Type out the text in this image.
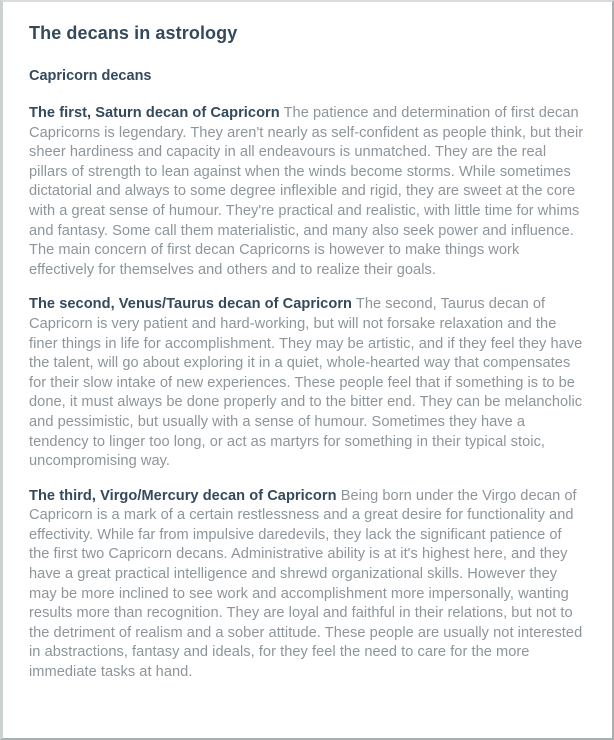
The decans in astrology
Capricorn decans

The first, Saturn decan of Capricorn The patience and determination of first decan Capricorns is legendary. They aren't nearly as self-confident as people think, but their sheer hardiness and capacity in all endeavours is unmatched. They are the real pillars of strength to lean against when the winds become storms. While sometimes dictatorial and always to some degree inflexible and rigid, they are sweet at the core with a great sense of humour. They're practical and realistic, with little time for whims and fantasy. Some call them materialistic, and many also seek power and influence. The main concern of first decan Capricorns is however to make things work effectively for themselves and others and to realize their goals.

The second, Venus/Taurus decan of Capricorn The second, Taurus decan of Capricorn is very patient and hard-working, but will not forsake relaxation and the finer things in life for accomplishment. They may be artistic, and if they feel they have the talent, will go about exploring it in a quiet, whole-hearted way that compensates for their slow intake of new experiences. These people feel that if something is to be done, it must always be done properly and to the bitter end. They can be melancholic and pessimistic, but usually with a sense of humour. Sometimes they have a tendency to linger too long, or act as martyrs for something in their typical stoic, uncompromising way.

The third, Virgo/Mercury decan of Capricorn Being born under the Virgo decan of Capricorn is a mark of a certain restlessness and a great desire for functionality and effectivity. While far from impulsive daredevils, they lack the significant patience of the first two Capricorn decans. Administrative ability is at it's highest here, and they have a great practical intelligence and shrewd organizational skills. However they may be more inclined to see work and accomplishment more impersonally, wanting results more than recognition. They are loyal and faithful in their relations, but not to the detriment of realism and a sober attitude. These people are usually not interested in abstractions, fantasy and ideals, for they feel the need to care for the more immediate tasks at hand.
